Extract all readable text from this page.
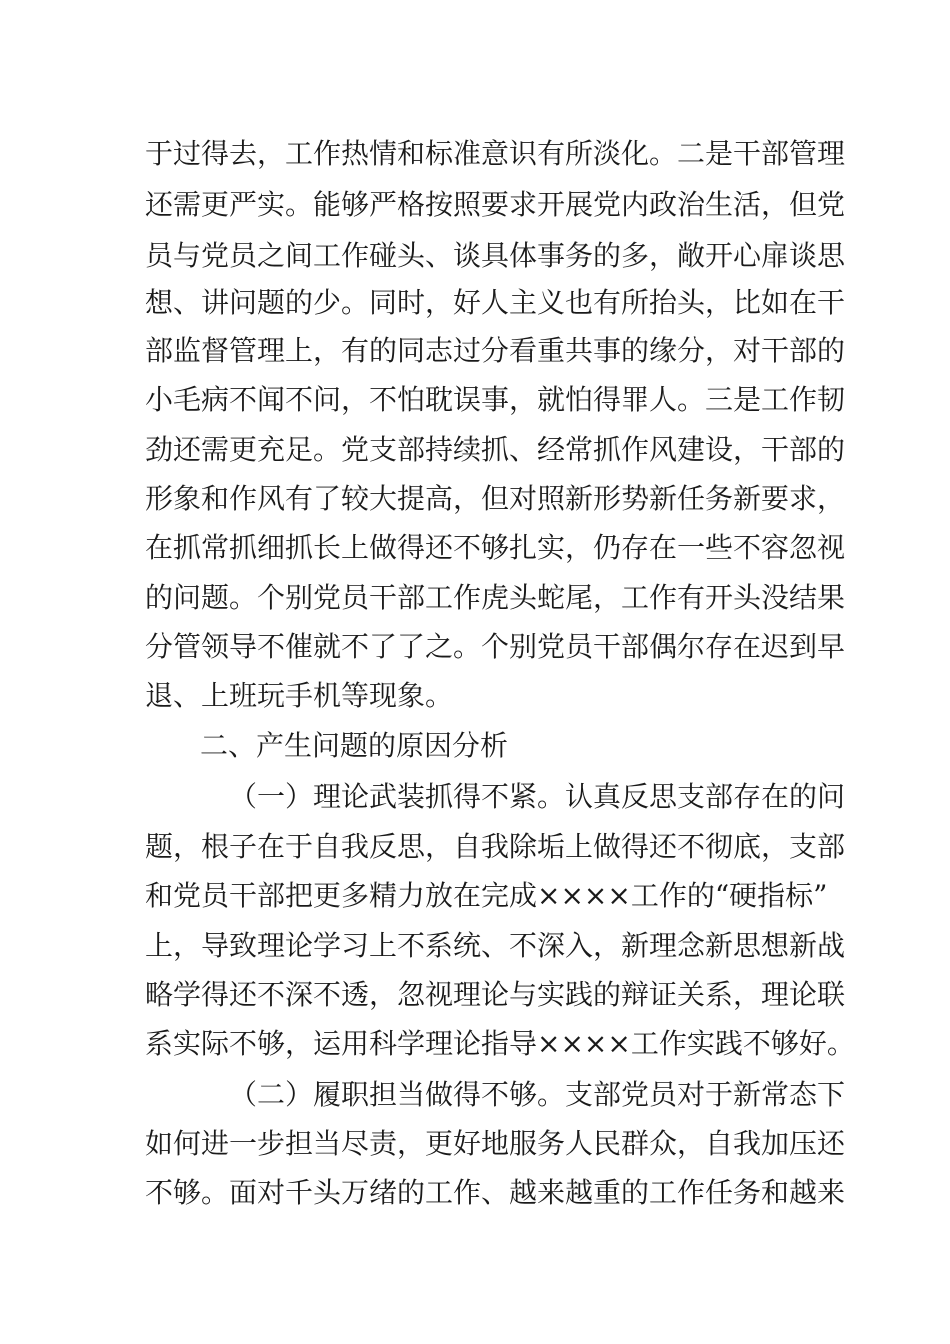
于过得去，工作热情和标准意识有所淡化。二是干部管理
还需更严实。能够严格按照要求开展党内政治生活，但党
员与党员之间工作碰头、谈具体事务的多，敞开心扉谈思
想、讲问题的少。同时，好人主义也有所抬头，比如在干
部监督管理上，有的同志过分看重共事的缘分，对干部的
小毛病不闻不问，不怕耽误事，就怕得罪人。三是工作韧
劲还需更充足。党支部持续抓、经常抓作风建设，干部的
形象和作风有了较大提高，但对照新形势新任务新要求，
在抓常抓细抓长上做得还不够扎实，仍存在一些不容忽视
的问题。个别党员干部工作虎头蛇尾，工作有开头没结果
分管领导不催就不了了之。个别党员干部偶尔存在迟到早
退、上班玩手机等现象。
二、产生问题的原因分析
（一）理论武装抓得不紧。认真反思支部存在的问
题，根子在于自我反思，自我除垢上做得还不彻底，支部
和党员干部把更多精力放在完成××××工作的“硬指标”
上，导致理论学习上不系统、不深入，新理念新思想新战
略学得还不深不透，忽视理论与实践的辩证关系，理论联
系实际不够，运用科学理论指导××××工作实践不够好。
（二）履职担当做得不够。支部党员对于新常态下
如何进一步担当尽责，更好地服务人民群众，自我加压还
不够。面对千头万绪的工作、越来越重的工作任务和越来
